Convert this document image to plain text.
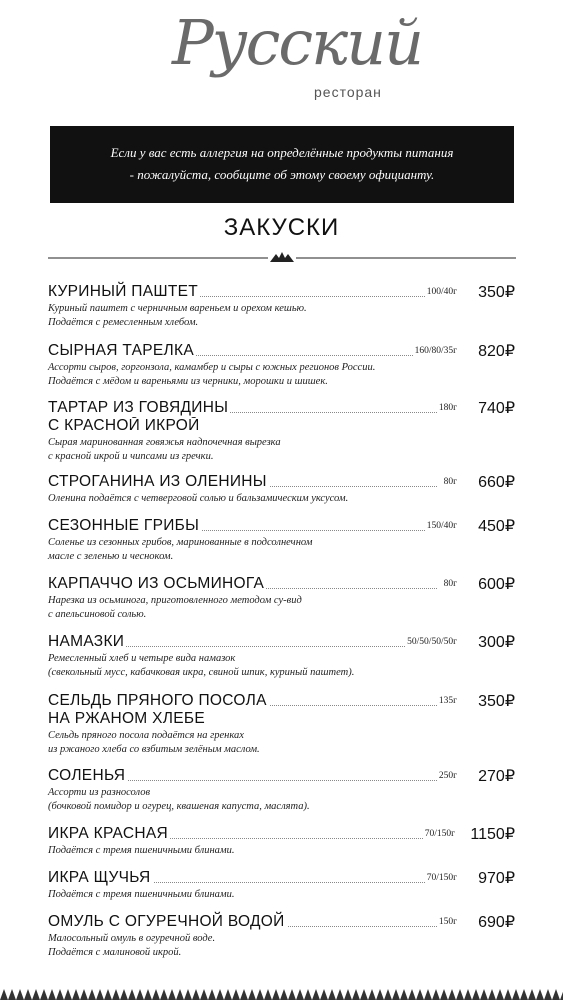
Русский
ресторан
Если у вас есть аллергия на определённые продукты питания
- пожалуйста, сообщите об этому своему официанту.
ЗАКУСКИ
КУРИНЫЙ ПАШТЕТ	100/40г 350₽
Куриный паштет с черничным вареньем и орехом кешью.
Подаётся с ремесленным хлебом.
СЫРНАЯ ТАРЕЛКА	160/80/35г 820₽
Ассорти сыров, горгонзола, камамбер и сыры с южных регионов России.
Подаётся с мёдом и вареньями из черники, морошки и шишек.
ТАРТАР ИЗ ГОВЯДИНЫ	180г 740₽
С КРАСНОЙ ИКРОЙ
Сырая маринованная говяжья надпочечная вырезка
с красной икрой и чипсами из гречки.
СТРОГАНИНА ИЗ ОЛЕНИНЫ	80г 660₽
Оленина подаётся с четверговой солью и бальзамическим уксусом.
СЕЗОННЫЕ ГРИБЫ	150/40г 450₽
Соленье из сезонных грибов, маринованные в подсолнечном
масле с зеленью и чесноком.
КАРПАЧЧО ИЗ ОСЬМИНОГА	80г 600₽
Нарезка из осьминога, приготовленного методом су-вид
с апельсиновой солью.
НАМАЗКИ	50/50/50/50г 300₽
Ремесленный хлеб и четыре вида намазок
(свекольный мусс, кабачковая икра, свиной шпик, куриный паштет).
СЕЛЬДЬ ПРЯНОГО ПОСОЛА	135г 350₽
НА РЖАНОМ ХЛЕБЕ
Сельдь пряного посола подаётся на гренках
из ржаного хлеба со взбитым зелёным маслом.
СОЛЕНЬЯ	250г 270₽
Ассорти из разносолов
(бочковой помидор и огурец, квашеная капуста, маслята).
ИКРА КРАСНАЯ	70/150г 1150₽
Подаётся с тремя пшеничными блинами.
ИКРА ЩУЧЬЯ	70/150г 970₽
Подаётся с тремя пшеничными блинами.
ОМУЛЬ С ОГУРЕЧНОЙ ВОДОЙ	150г 690₽
Малосольный омуль в огуречной воде.
Подаётся с малиновой икрой.
